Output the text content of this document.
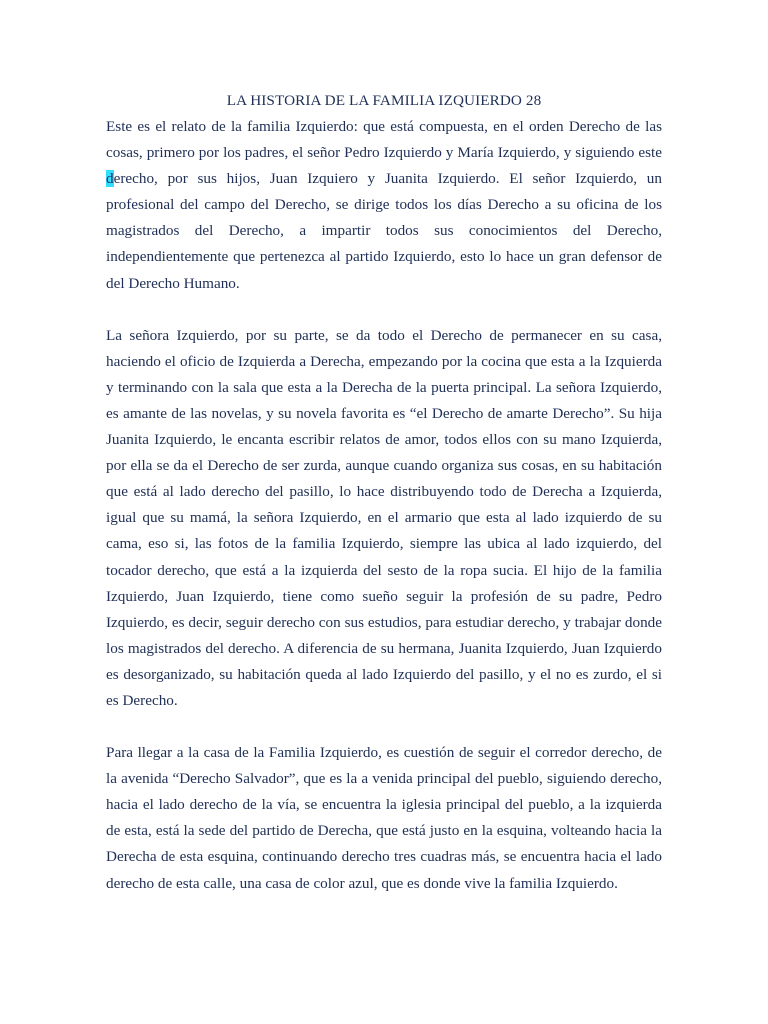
LA HISTORIA DE LA FAMILIA IZQUIERDO 28

Este es el relato de la familia Izquierdo: que está compuesta, en el orden Derecho de las cosas, primero por los padres, el señor Pedro Izquierdo y María Izquierdo, y siguiendo este derecho, por sus hijos, Juan Izquiero y Juanita Izquierdo. El señor Izquierdo, un profesional del campo del Derecho, se dirige todos los días Derecho a su oficina de los magistrados del Derecho, a impartir todos sus conocimientos del Derecho, independientemente que pertenezca al partido Izquierdo, esto lo hace un gran defensor de del Derecho Humano.

La señora Izquierdo, por su parte, se da todo el Derecho de permanecer en su casa, haciendo el oficio de Izquierda a Derecha, empezando por la cocina que esta a la Izquierda y terminando con la sala que esta a la Derecha de la puerta principal. La señora Izquierdo, es amante de las novelas, y su novela favorita es “el Derecho de amarte Derecho”. Su hija Juanita Izquierdo, le encanta escribir relatos de amor, todos ellos con su mano Izquierda, por ella se da el Derecho de ser zurda, aunque cuando organiza sus cosas, en su habitación que está al lado derecho del pasillo, lo hace distribuyendo todo de Derecha a Izquierda, igual que su mamá, la señora Izquierdo, en el armario que esta al lado izquierdo de su cama, eso si, las fotos de la familia Izquierdo, siempre las ubica al lado izquierdo, del tocador derecho, que está a la izquierda del sesto de la ropa sucia. El hijo de la familia Izquierdo, Juan Izquierdo, tiene como sueño seguir la profesión de su padre, Pedro Izquierdo, es decir, seguir derecho con sus estudios, para estudiar derecho, y trabajar donde los magistrados del derecho. A diferencia de su hermana, Juanita Izquierdo, Juan Izquierdo es desorganizado, su habitación queda al lado Izquierdo del pasillo, y el no es zurdo, el si es Derecho.

Para llegar a la casa de la Familia Izquierdo, es cuestión de seguir el corredor derecho, de la avenida “Derecho Salvador”, que es la a venida principal del pueblo, siguiendo derecho, hacia el lado derecho de la vía, se encuentra la iglesia principal del pueblo, a la izquierda de esta, está la sede del partido de Derecha, que está justo en la esquina, volteando hacia la Derecha de esta esquina, continuando derecho tres cuadras más, se encuentra hacia el lado derecho de esta calle, una casa de color azul, que es donde vive la familia Izquierdo.
